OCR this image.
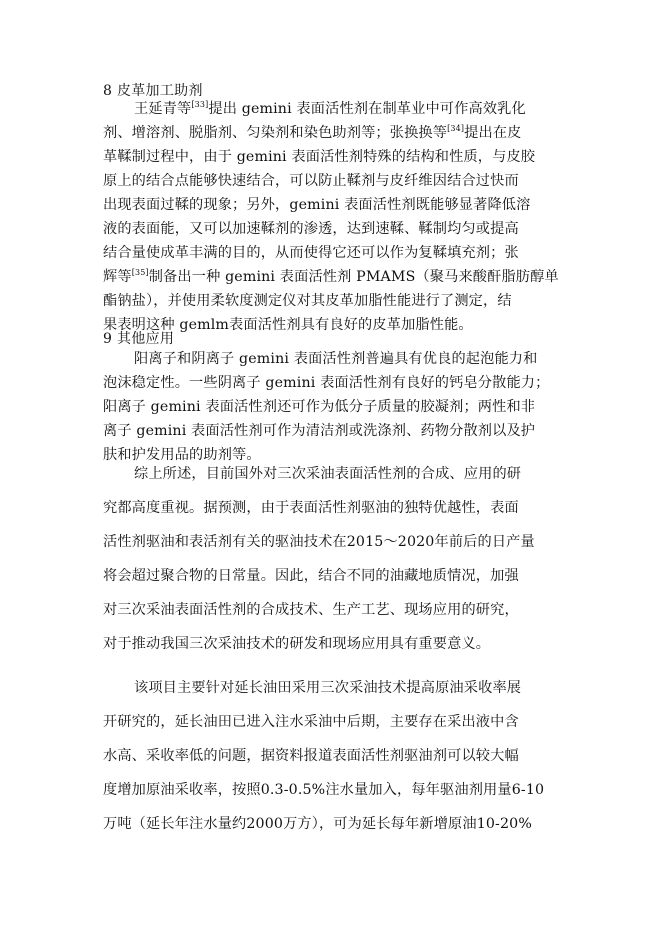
8 皮革加工助剂
王延青等[33]提出 gemini 表面活性剂在制革业中可作高效乳化
剂、增溶剂、脱脂剂、匀染剂和染色助剂等；张换换等[34]提出在皮
革鞣制过程中，由于 gemini 表面活性剂特殊的结构和性质，与皮胶
原上的结合点能够快速结合，可以防止鞣剂与皮纤维因结合过快而
出现表面过鞣的现象；另外，gemini 表面活性剂既能够显著降低溶
液的表面能，又可以加速鞣剂的渗透，达到速鞣、鞣制均匀或提高
结合量使成革丰满的目的，从而使得它还可以作为复鞣填充剂；张
辉等[35]制备出一种 gemini 表面活性剂 PMAMS（聚马来酸酐脂肪醇单
酯钠盐），并使用柔软度测定仪对其皮革加脂性能进行了测定，结
果表明这种 gemlm表面活性剂具有良好的皮革加脂性能。
9 其他应用
阳离子和阴离子 gemini 表面活性剂普遍具有优良的起泡能力和
泡沫稳定性。一些阴离子 gemini 表面活性剂有良好的钙皂分散能力；
阳离子 gemini 表面活性剂还可作为低分子质量的胶凝剂；两性和非
离子 gemini 表面活性剂可作为清洁剂或洗涤剂、药物分散剂以及护
肤和护发用品的助剂等。
综上所述，目前国外对三次采油表面活性剂的合成、应用的研
究都高度重视。据预测，由于表面活性剂驱油的独特优越性，表面
活性剂驱油和表活剂有关的驱油技术在2015～2020年前后的日产量
将会超过聚合物的日常量。因此，结合不同的油藏地质情况，加强
对三次采油表面活性剂的合成技术、生产工艺、现场应用的研究，
对于推动我国三次采油技术的研发和现场应用具有重要意义。
该项目主要针对延长油田采用三次采油技术提高原油采收率展
开研究的，延长油田已进入注水采油中后期，主要存在采出液中含
水高、采收率低的问题，据资料报道表面活性剂驱油剂可以较大幅
度增加原油采收率，按照0.3-0.5%注水量加入，每年驱油剂用量6-10
万吨（延长年注水量约2000万方），可为延长每年新增原油10-20%
